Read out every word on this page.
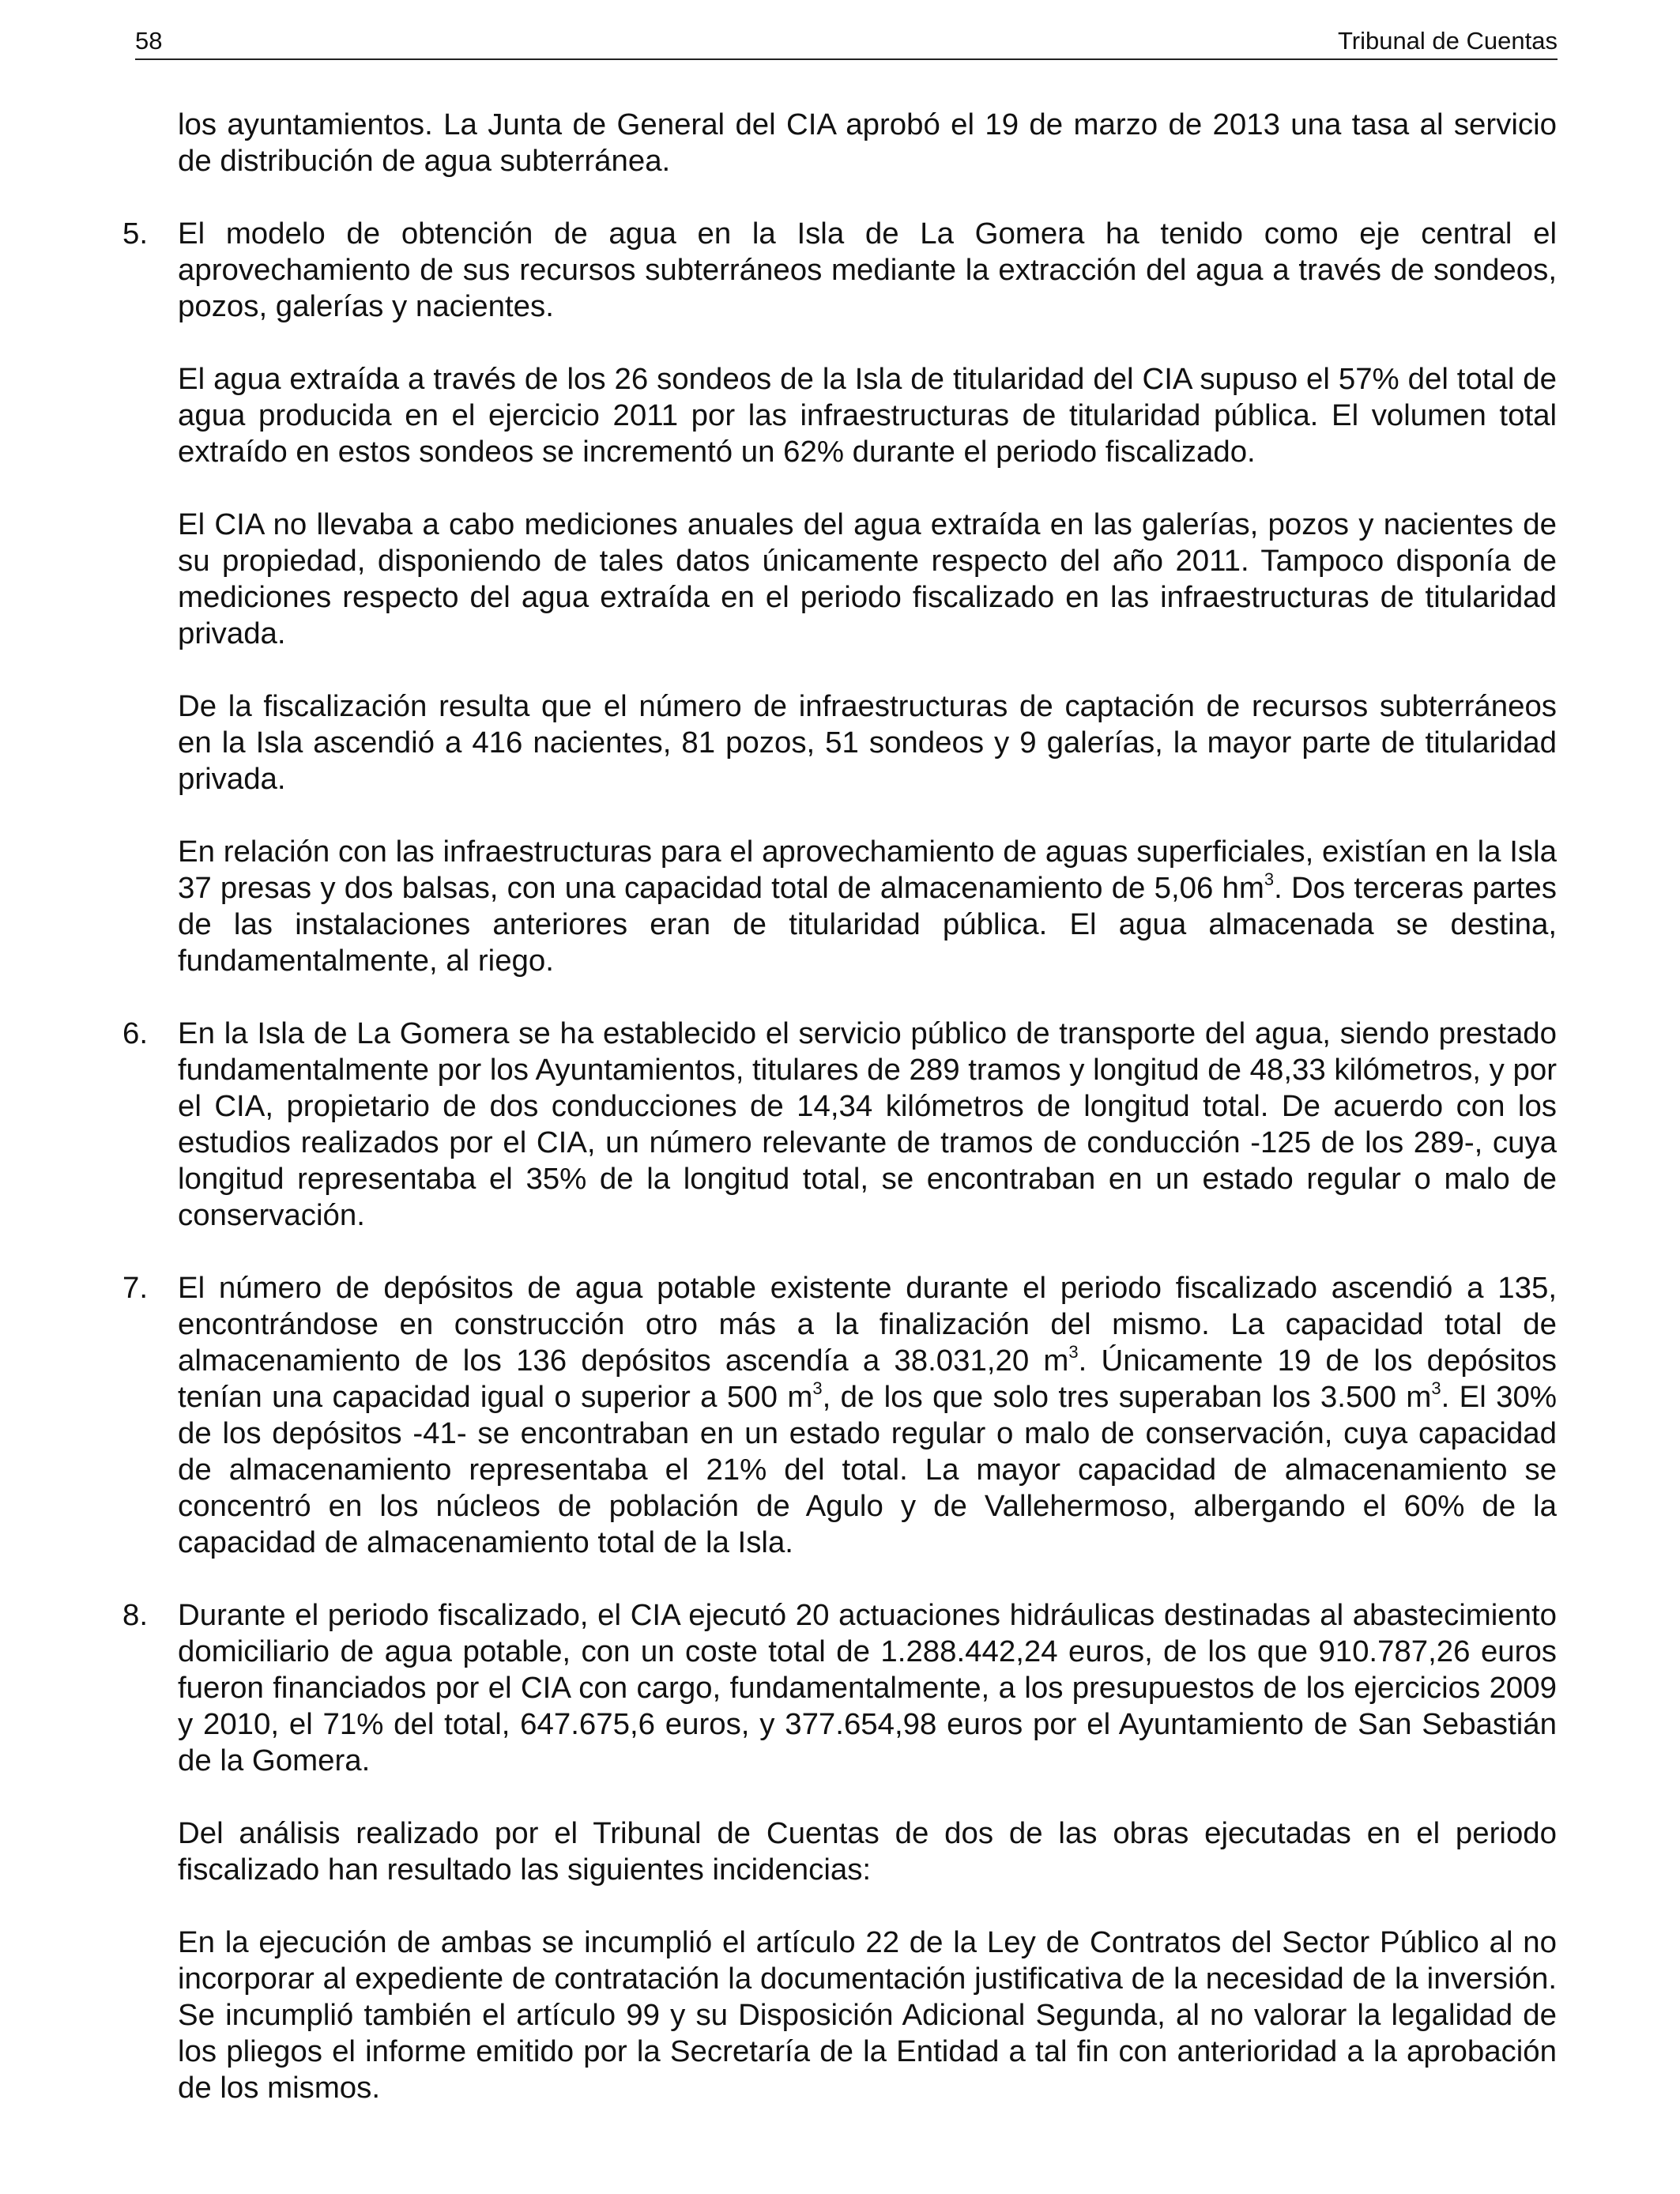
58	Tribunal de Cuentas

los ayuntamientos. La Junta de General del CIA aprobó el 19 de marzo de 2013 una tasa al servicio de distribución de agua subterránea.

5. El modelo de obtención de agua en la Isla de La Gomera ha tenido como eje central el aprovechamiento de sus recursos subterráneos mediante la extracción del agua a través de sondeos, pozos, galerías y nacientes.

El agua extraída a través de los 26 sondeos de la Isla de titularidad del CIA supuso el 57% del total de agua producida en el ejercicio 2011 por las infraestructuras de titularidad pública. El volumen total extraído en estos sondeos se incrementó un 62% durante el periodo fiscalizado.

El CIA no llevaba a cabo mediciones anuales del agua extraída en las galerías, pozos y nacientes de su propiedad, disponiendo de tales datos únicamente respecto del año 2011. Tampoco disponía de mediciones respecto del agua extraída en el periodo fiscalizado en las infraestructuras de titularidad privada.

De la fiscalización resulta que el número de infraestructuras de captación de recursos subterráneos en la Isla ascendió a 416 nacientes, 81 pozos, 51 sondeos y 9 galerías, la mayor parte de titularidad privada.

En relación con las infraestructuras para el aprovechamiento de aguas superficiales, existían en la Isla 37 presas y dos balsas, con una capacidad total de almacenamiento de 5,06 $hm^3$. Dos terceras partes de las instalaciones anteriores eran de titularidad pública. El agua almacenada se destina, fundamentalmente, al riego.

6. En la Isla de La Gomera se ha establecido el servicio público de transporte del agua, siendo prestado fundamentalmente por los Ayuntamientos, titulares de 289 tramos y longitud de 48,33 kilómetros, y por el CIA, propietario de dos conducciones de 14,34 kilómetros de longitud total. De acuerdo con los estudios realizados por el CIA, un número relevante de tramos de conducción -125 de los 289-, cuya longitud representaba el 35% de la longitud total, se encontraban en un estado regular o malo de conservación.

7. El número de depósitos de agua potable existente durante el periodo fiscalizado ascendió a 135, encontrándose en construcción otro más a la finalización del mismo. La capacidad total de almacenamiento de los 136 depósitos ascendía a 38.031,20 $m^3$. Únicamente 19 de los depósitos tenían una capacidad igual o superior a 500 $m^3$, de los que solo tres superaban los 3.500 $m^3$. El 30% de los depósitos -41- se encontraban en un estado regular o malo de conservación, cuya capacidad de almacenamiento representaba el 21% del total. La mayor capacidad de almacenamiento se concentró en los núcleos de población de Agulo y de Vallehermoso, albergando el 60% de la capacidad de almacenamiento total de la Isla.

8. Durante el periodo fiscalizado, el CIA ejecutó 20 actuaciones hidráulicas destinadas al abastecimiento domiciliario de agua potable, con un coste total de 1.288.442,24 euros, de los que 910.787,26 euros fueron financiados por el CIA con cargo, fundamentalmente, a los presupuestos de los ejercicios 2009 y 2010, el 71% del total, 647.675,6 euros, y 377.654,98 euros por el Ayuntamiento de San Sebastián de la Gomera.

Del análisis realizado por el Tribunal de Cuentas de dos de las obras ejecutadas en el periodo fiscalizado han resultado las siguientes incidencias:

En la ejecución de ambas se incumplió el artículo 22 de la Ley de Contratos del Sector Público al no incorporar al expediente de contratación la documentación justificativa de la necesidad de la inversión. Se incumplió también el artículo 99 y su Disposición Adicional Segunda, al no valorar la legalidad de los pliegos el informe emitido por la Secretaría de la Entidad a tal fin con anterioridad a la aprobación de los mismos.
